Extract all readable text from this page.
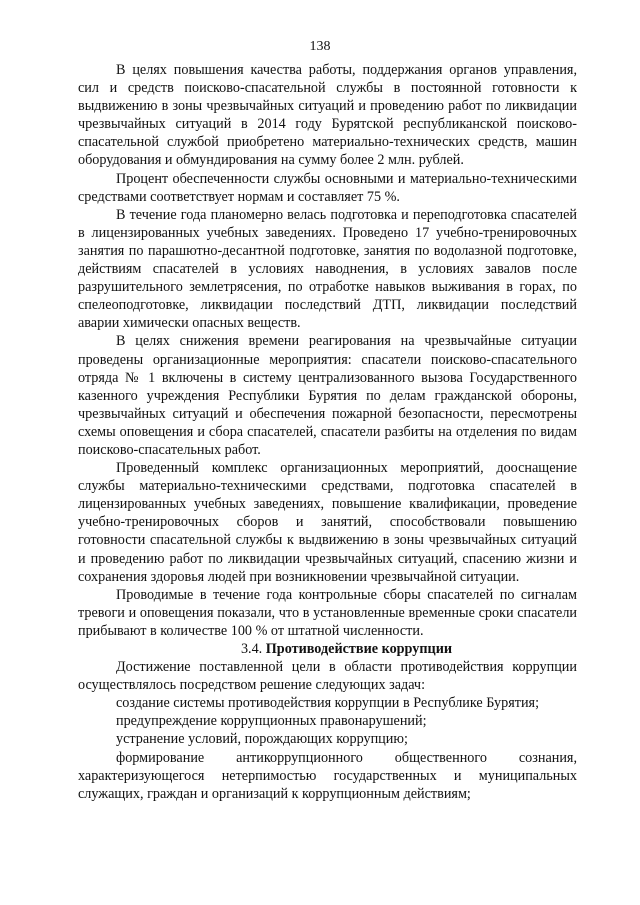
138

В целях повышения качества работы, поддержания органов управления, сил и средств поисково-спасательной службы в постоянной готовности к выдвижению в зоны чрезвычайных ситуаций и проведению работ по ликвидации чрезвычайных ситуаций в 2014 году Бурятской республиканской поисково-спасательной службой приобретено материально-технических средств, машин оборудования и обмундирования на сумму более 2 млн. рублей.

Процент обеспеченности службы основными и материально-техническими средствами соответствует нормам и составляет 75 %.

В течение года планомерно велась подготовка и переподготовка спасателей в лицензированных учебных заведениях. Проведено 17 учебно-тренировочных занятия по парашютно-десантной подготовке, занятия по водолазной подготовке, действиям спасателей в условиях наводнения, в условиях завалов после разрушительного землетрясения, по отработке навыков выживания в горах, по спелеоподготовке, ликвидации последствий ДТП, ликвидации последствий аварии химически опасных веществ.

В целях снижения времени реагирования на чрезвычайные ситуации проведены организационные мероприятия: спасатели поисково-спасательного отряда № 1 включены в систему централизованного вызова Государственного казенного учреждения Республики Бурятия по делам гражданской обороны, чрезвычайных ситуаций и обеспечения пожарной безопасности, пересмотрены схемы оповещения и сбора спасателей, спасатели разбиты на отделения по видам поисково-спасательных работ.

Проведенный комплекс организационных мероприятий, дооснащение службы материально-техническими средствами, подготовка спасателей в лицензированных учебных заведениях, повышение квалификации, проведение учебно-тренировочных сборов и занятий, способствовали повышению готовности спасательной службы к выдвижению в зоны чрезвычайных ситуаций и проведению работ по ликвидации чрезвычайных ситуаций, спасению жизни и сохранения здоровья людей при возникновении чрезвычайной ситуации.

Проводимые в течение года контрольные сборы спасателей по сигналам тревоги и оповещения показали, что в установленные временные сроки спасатели прибывают в количестве 100 % от штатной численности.

3.4. Противодействие коррупции

Достижение поставленной цели в области противодействия коррупции осуществлялось посредством решение следующих задач:

создание системы противодействия коррупции в Республике Бурятия;

предупреждение коррупционных правонарушений;

устранение условий, порождающих коррупцию;

формирование антикоррупционного общественного сознания, характеризующегося нетерпимостью государственных и муниципальных служащих, граждан и организаций к коррупционным действиям;
